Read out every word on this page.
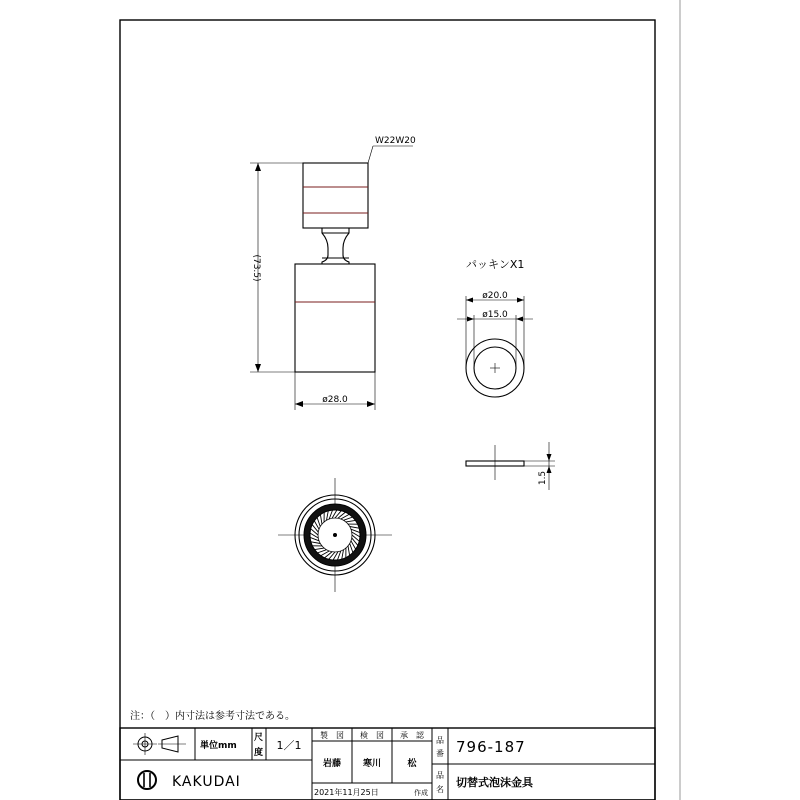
W22W20
(73.5)
ø28.0
パッキンX1
ø20.0
ø15.0
1.5
注：（　）内寸法は参考寸法である。
単位mm
尺
度
1／1
製　図 検　図 承　認
岩藤 寒川	松
2021年11月25日	作成
品
番 796-187
品
名
切替式泡沫金具
KAKUDAI
